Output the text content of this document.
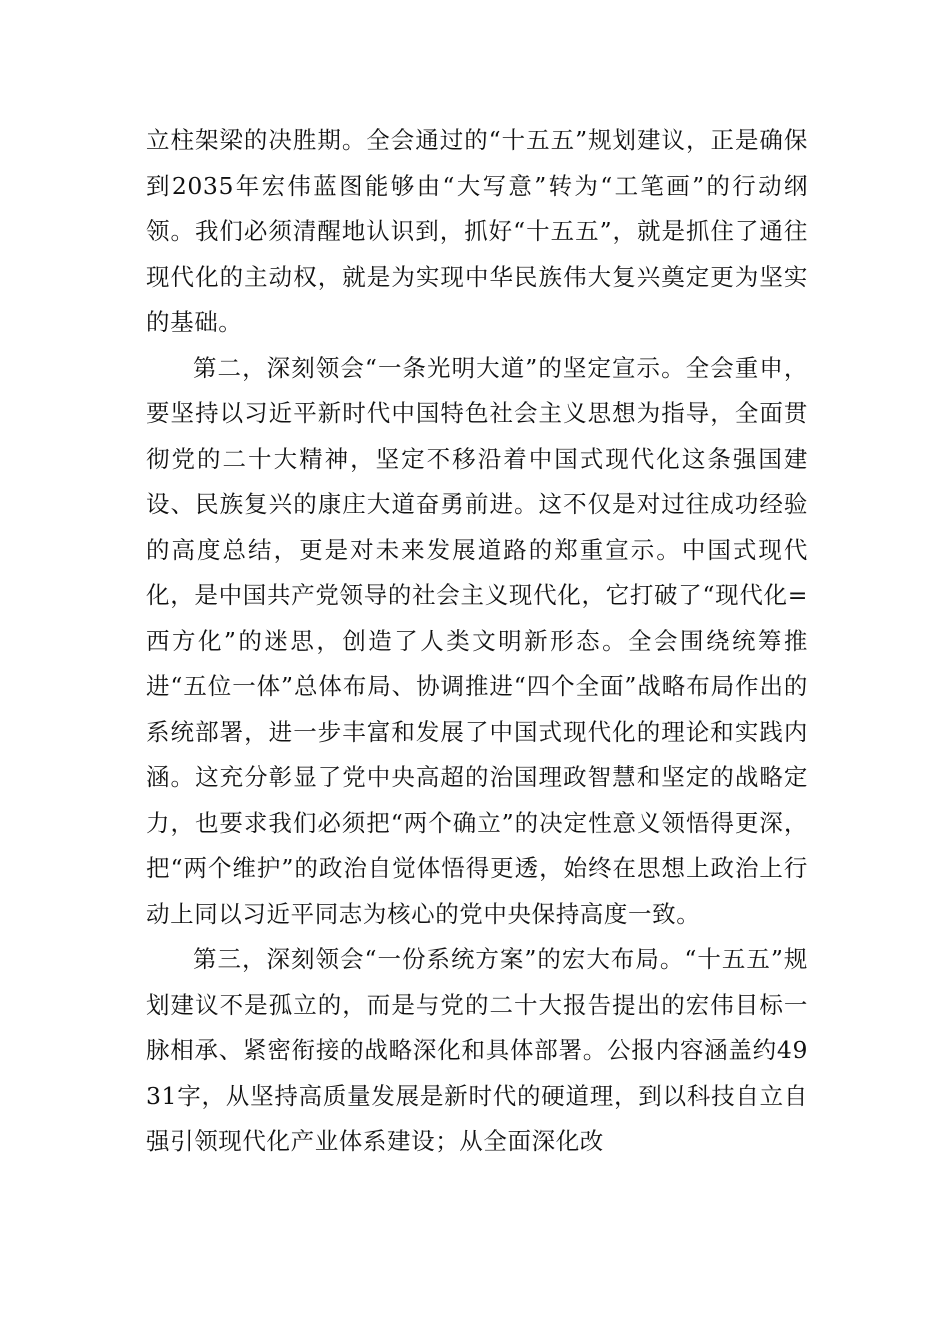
立柱架梁的决胜期。全会通过的“十五五”规划建议，正是确保到2035年宏伟蓝图能够由“大写意”转为“工笔画”的行动纲领。我们必须清醒地认识到，抓好“十五五”，就是抓住了通往现代化的主动权，就是为实现中华民族伟大复兴奠定更为坚实的基础。

第二，深刻领会“一条光明大道”的坚定宣示。全会重申，要坚持以习近平新时代中国特色社会主义思想为指导，全面贯彻党的二十大精神，坚定不移沿着中国式现代化这条强国建设、民族复兴的康庄大道奋勇前进。这不仅是对过往成功经验的高度总结，更是对未来发展道路的郑重宣示。中国式现代化，是中国共产党领导的社会主义现代化，它打破了“现代化=西方化”的迷思，创造了人类文明新形态。全会围绕统筹推进“五位一体”总体布局、协调推进“四个全面”战略布局作出的系统部署，进一步丰富和发展了中国式现代化的理论和实践内涵。这充分彰显了党中央高超的治国理政智慧和坚定的战略定力，也要求我们必须把“两个确立”的决定性意义领悟得更深，把“两个维护”的政治自觉体悟得更透，始终在思想上政治上行动上同以习近平同志为核心的党中央保持高度一致。

第三，深刻领会“一份系统方案”的宏大布局。“十五五”规划建议不是孤立的，而是与党的二十大报告提出的宏伟目标一脉相承、紧密衔接的战略深化和具体部署。公报内容涵盖约4931字，从坚持高质量发展是新时代的硬道理，到以科技自立自强引领现代化产业体系建设；从全面深化改
